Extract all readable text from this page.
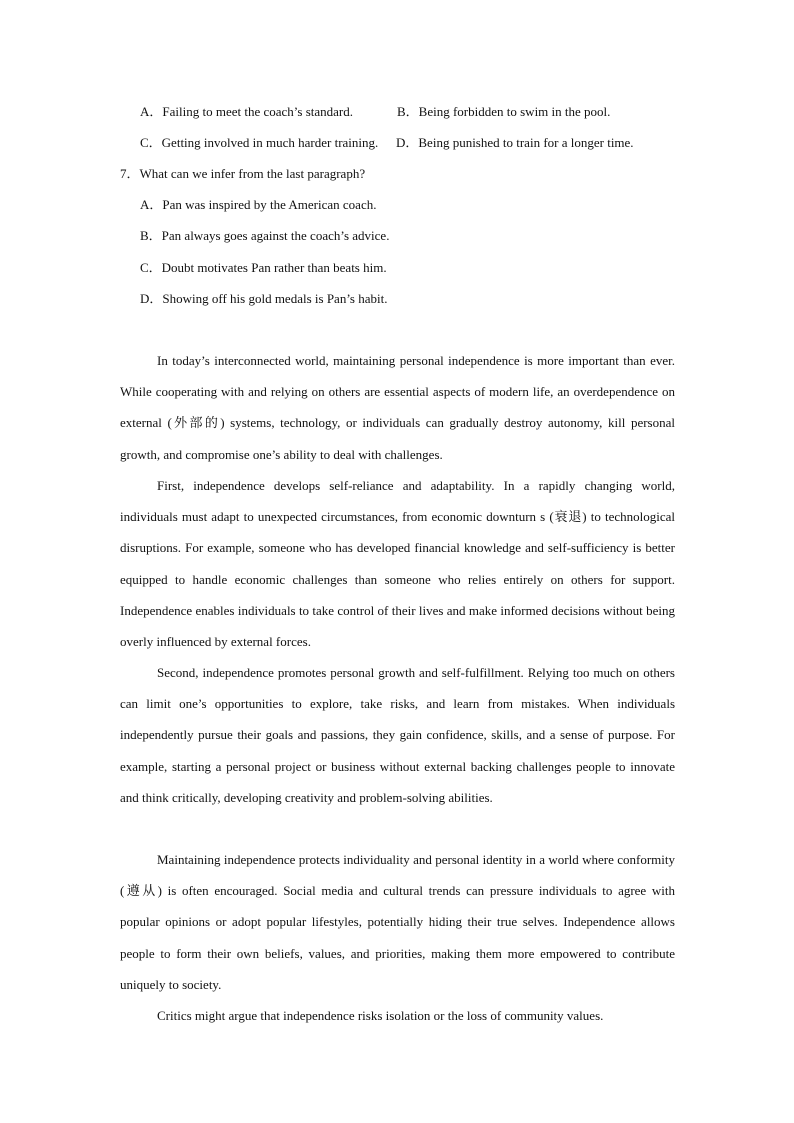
A．Failing to meet the coach’s standard.	B．Being forbidden to swim in the pool.
C．Getting involved in much harder training. D．Being punished to train for a longer time.
7．What can we infer from the last paragraph?
A．Pan was inspired by the American coach.
B．Pan always goes against the coach’s advice.
C．Doubt motivates Pan rather than beats him.
D．Showing off his gold medals is Pan’s habit.

In today’s interconnected world, maintaining personal independence is more important than ever. While cooperating with and relying on others are essential aspects of modern life, an overdependence on external (外部的) systems, technology, or individuals can gradually destroy autonomy, kill personal growth, and compromise one’s ability to deal with challenges.

First, independence develops self-reliance and adaptability. In a rapidly changing world, individuals must adapt to unexpected circumstances, from economic downturn s (衰退) to technological disruptions. For example, someone who has developed financial knowledge and self-sufficiency is better equipped to handle economic challenges than someone who relies entirely on others for support. Independence enables individuals to take control of their lives and make informed decisions without being overly influenced by external forces.

Second, independence promotes personal growth and self-fulfillment. Relying too much on others can limit one’s opportunities to explore, take risks, and learn from mistakes. When individuals independently pursue their goals and passions, they gain confidence, skills, and a sense of purpose. For example, starting a personal project or business without external backing challenges people to innovate and think critically, developing creativity and problem-solving abilities.

Maintaining independence protects individuality and personal identity in a world where conformity (遵从) is often encouraged. Social media and cultural trends can pressure individuals to agree with popular opinions or adopt popular lifestyles, potentially hiding their true selves. Independence allows people to form their own beliefs, values, and priorities, making them more empowered to contribute uniquely to society.

Critics might argue that independence risks isolation or the loss of community values.
